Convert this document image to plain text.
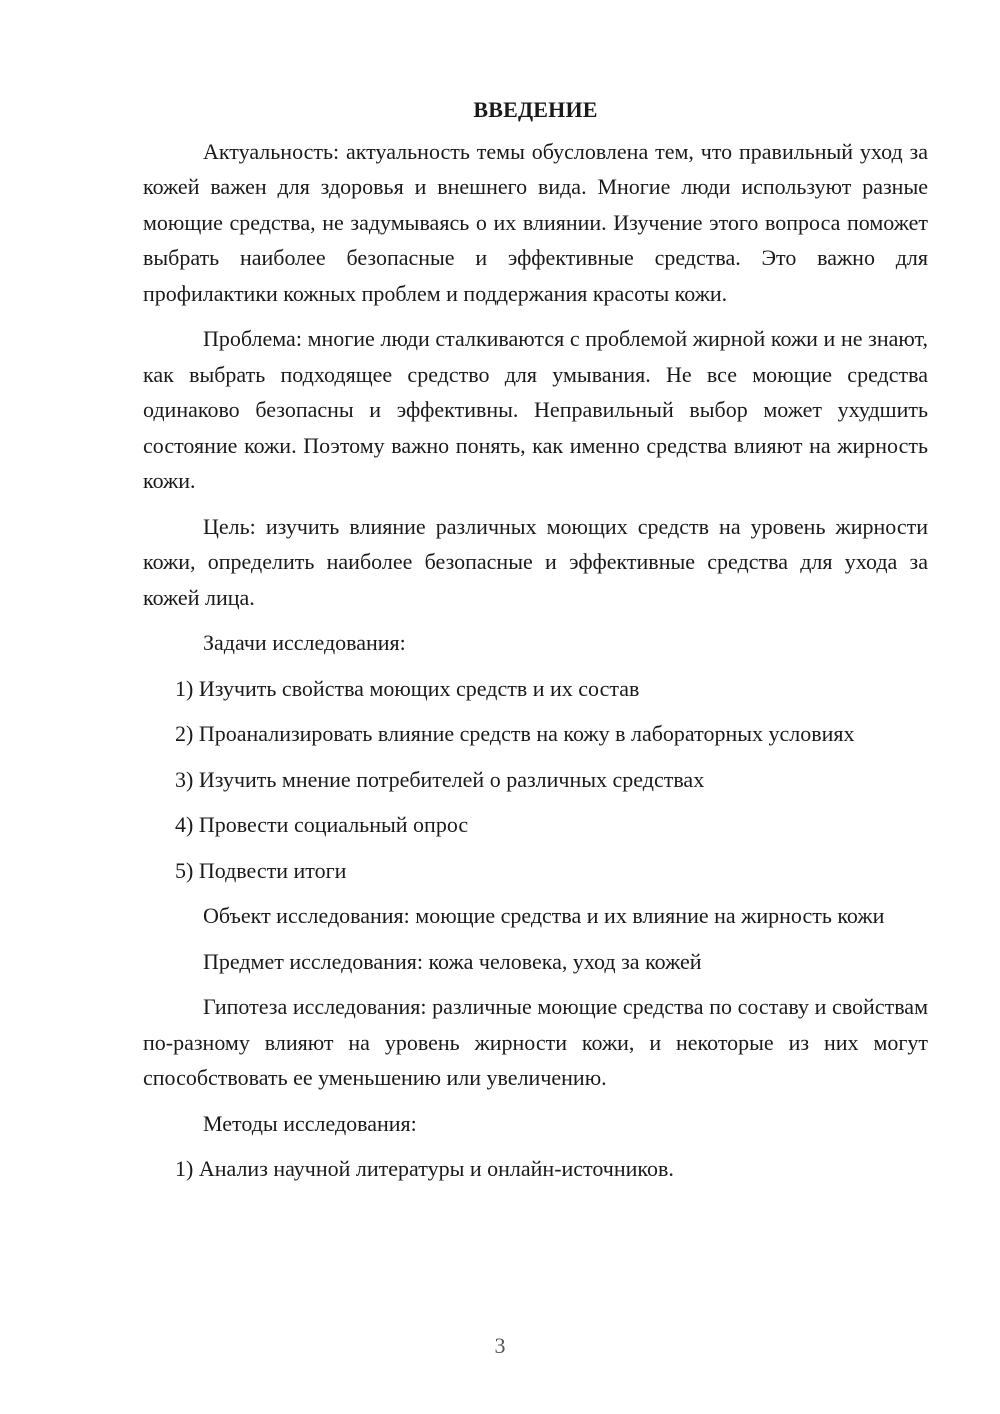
ВВЕДЕНИЕ

Актуальность: актуальность темы обусловлена тем, что правильный уход за кожей важен для здоровья и внешнего вида. Многие люди используют разные моющие средства, не задумываясь о их влиянии. Изучение этого вопроса поможет выбрать наиболее безопасные и эффективные средства. Это важно для профилактики кожных проблем и поддержания красоты кожи.

Проблема: многие люди сталкиваются с проблемой жирной кожи и не знают, как выбрать подходящее средство для умывания. Не все моющие средства одинаково безопасны и эффективны. Неправильный выбор может ухудшить состояние кожи. Поэтому важно понять, как именно средства влияют на жирность кожи.

Цель: изучить влияние различных моющих средств на уровень жирности кожи, определить наиболее безопасные и эффективные средства для ухода за кожей лица.

Задачи исследования:

1) Изучить свойства моющих средств и их состав

2) Проанализировать влияние средств на кожу в лабораторных условиях

3) Изучить мнение потребителей о различных средствах

4) Провести социальный опрос

5) Подвести итоги

Объект исследования: моющие средства и их влияние на жирность кожи

Предмет исследования: кожа человека, уход за кожей

Гипотеза исследования: различные моющие средства по составу и свойствам по-разному влияют на уровень жирности кожи, и некоторые из них могут способствовать ее уменьшению или увеличению.

Методы исследования:

1) Анализ научной литературы и онлайн-источников.

3
